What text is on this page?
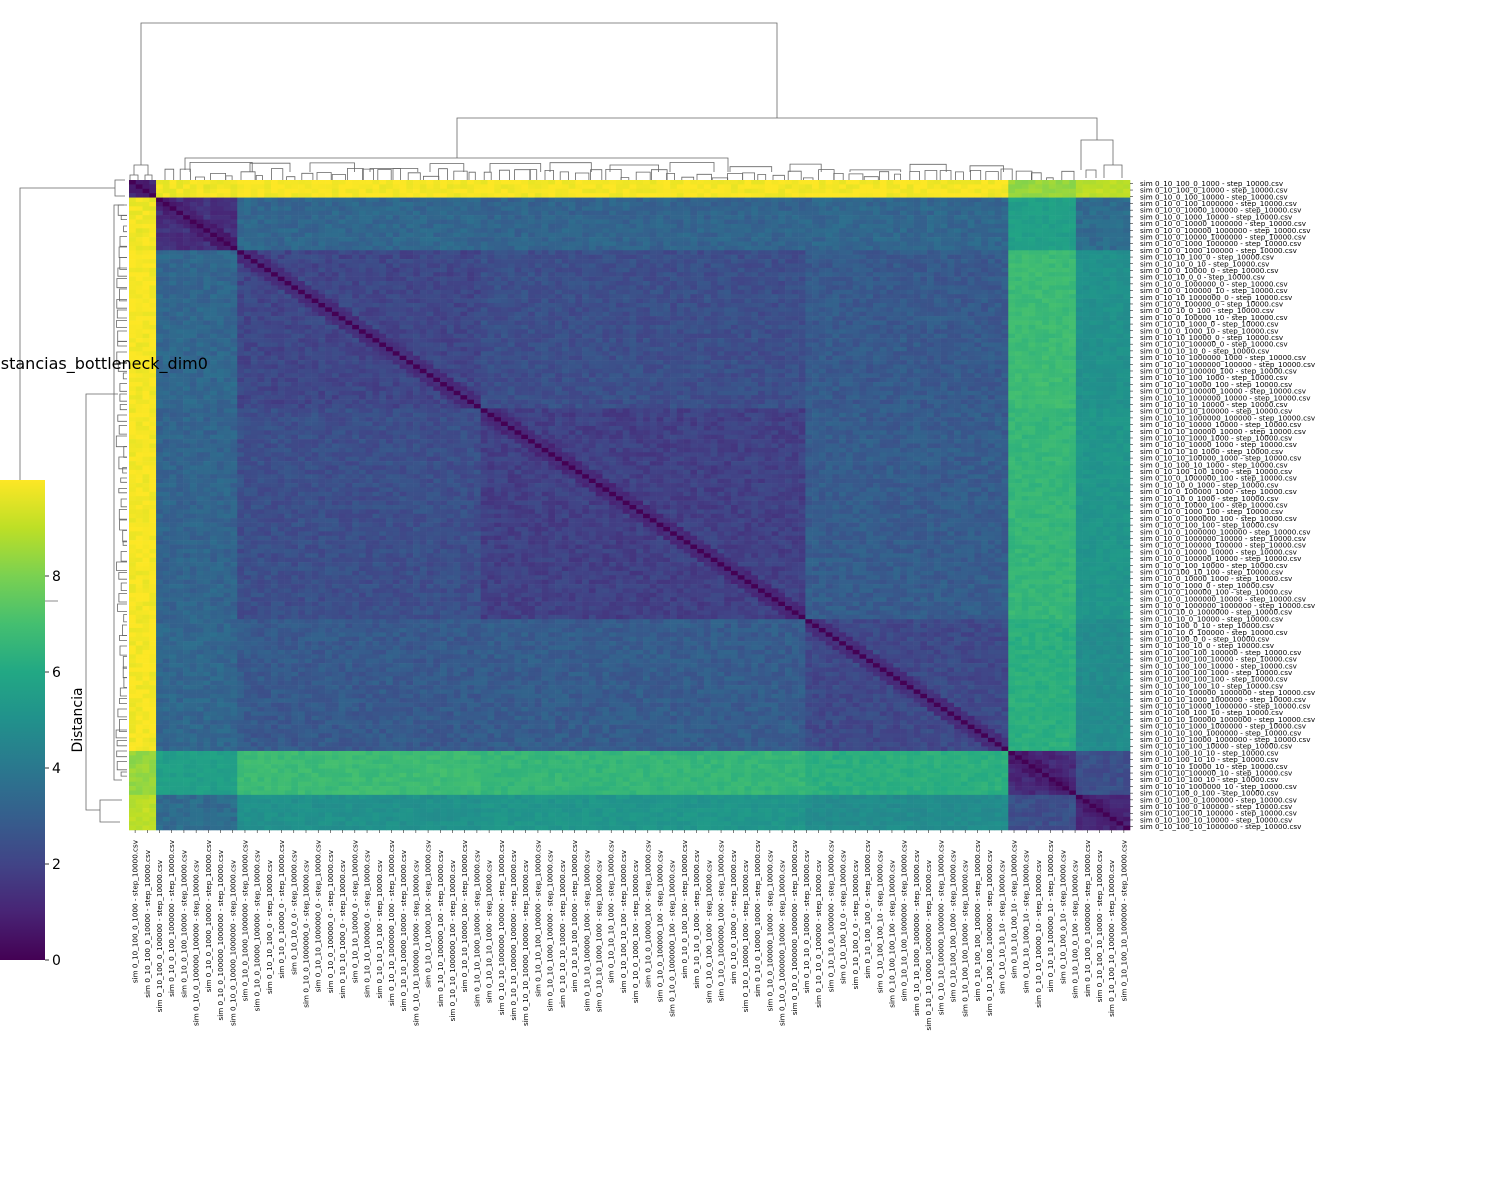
sim 0_10_100_0_1000 - step_10000.csv
sim 0_10_100_0_10000 - step_10000.csv
sim 0_10_0_100_10000 - step_10000.csv
sim 0_10_0_100_1000000 - step_10000.csv
sim 0_10_0_10000_100000 - step_10000.csv
sim 0_10_0_1000_10000 - step_10000.csv
sim 0_10_0_10000_1000000 - step_10000.csv
sim 0_10_0_100000_1000000 - step_10000.csv
sim 0_10_0_10000_1000000 - step_10000.csv
sim 0_10_0_1000_1000000 - step_10000.csv
sim 0_10_0_1000_100000 - step_10000.csv
sim 0_10_10_100_0 - step_10000.csv
sim 0_10_10_0_10 - step_10000.csv
sim 0_10_0_10000_0 - step_10000.csv
sim 0_10_10_0_0 - step_10000.csv
sim 0_10_0_1000000_0 - step_10000.csv
sim 0_10_0_100000_10 - step_10000.csv
sim 0_10_10_1000000_0 - step_10000.csv
sim 0_10_0_100000_0 - step_10000.csv
sim 0_10_10_0_100 - step_10000.csv
sim 0_10_0_100000_10 - step_10000.csv
sim 0_10_10_1000_0 - step_10000.csv
sim 0_10_0_1000_10 - step_10000.csv
sim 0_10_10_10000_0 - step_10000.csv
sim 0_10_10_100000_0 - step_10000.csv
sim 0_10_10_10_0 - step_10000.csv
sim 0_10_10_1000000_1000 - step_10000.csv
sim 0_10_10_1000000_100000 - step_10000.csv
sim 0_10_10_100000_100 - step_10000.csv
sim 0_10_10_100_1000 - step_10000.csv
sim 0_10_10_10000_100 - step_10000.csv
sim 0_10_10_100000_10000 - step_10000.csv
sim 0_10_10_1000000_10000 - step_10000.csv
sim 0_10_10_10_10000 - step_10000.csv
sim 0_10_10_10_100000 - step_10000.csv
sim 0_10_10_1000000_100000 - step_10000.csv
sim 0_10_10_10000_10000 - step_10000.csv
sim 0_10_10_100000_10000 - step_10000.csv
sim 0_10_10_1000_1000 - step_10000.csv
sim 0_10_10_10000_1000 - step_10000.csv
sim 0_10_10_10_1000 - step_10000.csv
sim 0_10_10_100000_1000 - step_10000.csv
sim 0_10_100_10_1000 - step_10000.csv
sim 0_10_100_100_1000 - step_10000.csv
sim 0_10_0_1000000_100 - step_10000.csv
sim 0_10_10_0_1000 - step_10000.csv
sim 0_10_0_100000_1000 - step_10000.csv
sim 0_10_10_0_1000 - step_10000.csv
sim 0_10_0_10000_100 - step_10000.csv
sim 0_10_0_1000_100 - step_10000.csv
sim 0_10_0_1000000_100 - step_10000.csv
sim 0_10_0_100_100 - step_10000.csv
sim 0_10_0_1000000_100000 - step_10000.csv
sim 0_10_0_1000000_10000 - step_10000.csv
sim 0_10_0_100000_100000 - step_10000.csv
sim 0_10_0_10000_10000 - step_10000.csv
sim 0_10_0_100000_10000 - step_10000.csv
sim 0_10_0_100_10000 - step_10000.csv
sim 0_10_100_10_100 - step_10000.csv
sim 0_10_0_10000_1000 - step_10000.csv
sim 0_10_0_1000_0 - step_10000.csv
sim 0_10_0_100000_100 - step_10000.csv
sim 0_10_0_1000000_10000 - step_10000.csv
sim 0_10_0_1000000_1000000 - step_10000.csv
sim 0_10_10_0_1000000 - step_10000.csv
sim 0_10_10_0_10000 - step_10000.csv
sim 0_10_100_0_10 - step_10000.csv
sim 0_10_10_0_100000 - step_10000.csv
sim 0_10_100_0_0 - step_10000.csv
sim 0_10_100_10_0 - step_10000.csv
sim 0_10_100_100_100000 - step_10000.csv
sim 0_10_100_100_10000 - step_10000.csv
sim 0_10_100_100_10000 - step_10000.csv
sim 0_10_100_100_1000 - step_10000.csv
sim 0_10_100_100_100 - step_10000.csv
sim 0_10_100_100_10 - step_10000.csv
sim 0_10_10_100000_1000000 - step_10000.csv
sim 0_10_10_1000_1000000 - step_10000.csv
sim 0_10_10_10000_1000000 - step_10000.csv
sim 0_10_100_100_10 - step_10000.csv
sim 0_10_10_100000_1000000 - step_10000.csv
sim 0_10_10_1000_1000000 - step_10000.csv
sim 0_10_10_100_1000000 - step_10000.csv
sim 0_10_10_10000_1000000 - step_10000.csv
sim 0_10_10_100_10000 - step_10000.csv
sim 0_10_100_10_10 - step_10000.csv
sim 0_10_100_10_10 - step_10000.csv
sim 0_10_10_10000_10 - step_10000.csv
sim 0_10_10_100000_10 - step_10000.csv
sim 0_10_10_100_10 - step_10000.csv
sim 0_10_10_1000000_10 - step_10000.csv
sim 0_10_100_0_100 - step_10000.csv
sim 0_10_100_0_1000000 - step_10000.csv
sim 0_10_100_0_100000 - step_10000.csv
sim 0_10_100_10_100000 - step_10000.csv
sim 0_10_100_10_10000 - step_10000.csv
sim 0_10_100_10_1000000 - step_10000.csv
sim 0_10_100_0_1000 - step_10000.csv sim 0_10_100_0_10000 - step_10000.csv sim 0_10_100_0_100000 - step_10000.csv sim 0_10_0_100_1000000 - step_10000.csv sim 0_10_0_100_10000 - step_10000.csv sim 0_10_0_100000_100000 - step_10000.csv sim 0_10_0_1000_10000 - step_10000.csv sim 0_10_0_100000_1000000 - step_10000.csv sim 0_10_0_10000_1000000 - step_10000.csv sim 0_10_0_1000_1000000 - step_10000.csv sim 0_10_0_10000_100000 - step_10000.csv sim 0_10_10_100_0 - step_10000.csv sim 0_10_0_10000_0 - step_10000.csv sim 0_10_10_0_0 - step_10000.csv sim 0_10_0_1000000_0 - step_10000.csv sim 0_10_10_1000000_0 - step_10000.csv sim 0_10_0_100000_0 - step_10000.csv sim 0_10_10_1000_0 - step_10000.csv sim 0_10_10_10000_0 - step_10000.csv sim 0_10_10_100000_0 - step_10000.csv sim 0_10_10_10_100 - step_10000.csv sim 0_10_10_1000000_1000 - step_10000.csv sim 0_10_10_10000_10000 - step_10000.csv sim 0_10_10_100000_10000 - step_10000.csv sim 0_10_10_1000_100 - step_10000.csv sim 0_10_10_100000_100 - step_10000.csv sim 0_10_10_1000000_100 - step_10000.csv sim 0_10_10_10000_100 - step_10000.csv sim 0_10_10_1000_10000 - step_10000.csv sim 0_10_10_10_1000 - step_10000.csv sim 0_10_10_1000000_100000 - step_10000.csv sim 0_10_10_100000_100000 - step_10000.csv sim 0_10_10_10000_100000 - step_10000.csv sim 0_10_10_100_100000 - step_10000.csv sim 0_10_10_1000_100000 - step_10000.csv sim 0_10_10_10_10000 - step_10000.csv sim 0_10_10_100_10000 - step_10000.csv sim 0_10_10_100000_1000 - step_10000.csv sim 0_10_10_1000_1000 - step_10000.csv sim 0_10_10_10_1000 - step_10000.csv sim 0_10_100_10_100 - step_10000.csv sim 0_10_0_1000_100 - step_10000.csv sim 0_10_0_10000_100 - step_10000.csv sim 0_10_0_100000_100 - step_10000.csv sim 0_10_0_1000000_100 - step_10000.csv sim 0_10_0_100_100 - step_10000.csv sim 0_10_10_0_1000 - step_10000.csv sim 0_10_0_100_1000 - step_10000.csv sim 0_10_0_1000000_1000 - step_10000.csv sim 0_10_0_1000_0 - step_10000.csv sim 0_10_0_10000_1000 - step_10000.csv sim 0_10_0_10000_10000 - step_10000.csv sim 0_10_0_100000_10000 - step_10000.csv sim 0_10_0_1000000_10000 - step_10000.csv sim 0_10_0_1000000_1000000 - step_10000.csv sim 0_10_10_0_10000 - step_10000.csv sim 0_10_10_0_100000 - step_10000.csv sim 0_10_10_0_1000000 - step_10000.csv sim 0_10_100_10_0 - step_10000.csv sim 0_10_100_0_0 - step_10000.csv sim 0_10_100_100_0 - step_10000.csv sim 0_10_100_100_10 - step_10000.csv sim 0_10_100_100_100 - step_10000.csv sim 0_10_10_100_1000000 - step_10000.csv sim 0_10_10_1000_1000000 - step_10000.csv sim 0_10_10_10000_1000000 - step_10000.csv sim 0_10_10_100000_1000000 - step_10000.csv sim 0_10_100_100_1000 - step_10000.csv sim 0_10_100_100_10000 - step_10000.csv sim 0_10_100_100_100000 - step_10000.csv sim 0_10_100_100_1000000 - step_10000.csv sim 0_10_10_10_10 - step_10000.csv sim 0_10_10_100_10 - step_10000.csv sim 0_10_10_1000_10 - step_10000.csv sim 0_10_10_10000_10 - step_10000.csv sim 0_10_10_100000_10 - step_10000.csv sim 0_10_100_0_10 - step_10000.csv sim 0_10_100_0_100 - step_10000.csv sim 0_10_100_0_1000000 - step_10000.csv sim 0_10_100_10_10000 - step_10000.csv sim 0_10_100_10_100000 - step_10000.csv sim 0_10_100_10_1000000 - step_10000.csv
0
2
4
6
8
Distancia
Distancias_bottleneck_dim0
